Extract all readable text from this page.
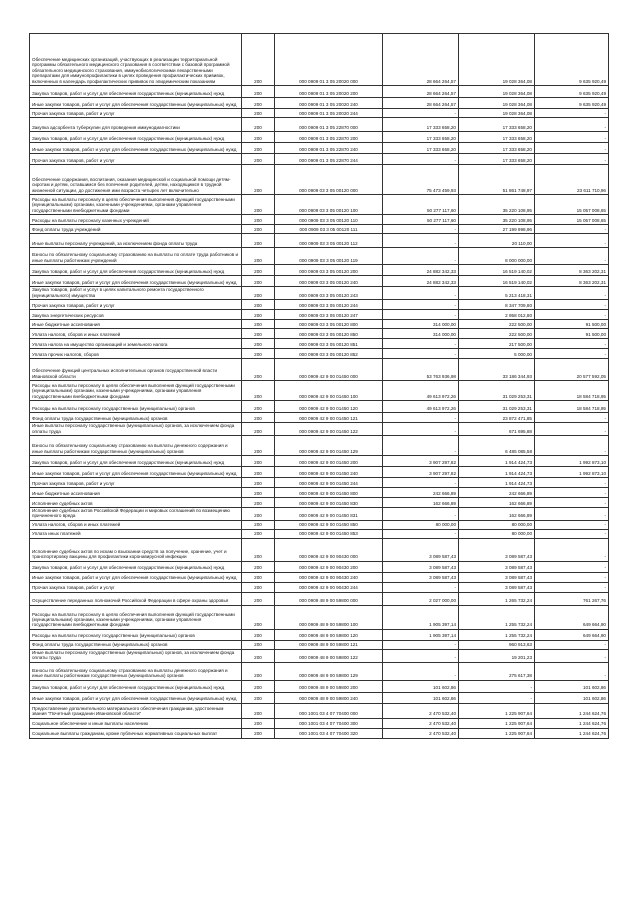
Обеспечение медицинских организаций, участвующих в реализации территориальной программы обязательного медицинского страхования в соответствии с базовой программой обязательного медицинского страхования, иммунобиологическими лекарственными препаратами для иммунопрофилактики в целях проведения профилактических прививок, включенных в календарь профилактических прививок по эпидемическим показаниям	200	000 0909 01 3 05 20020 000	28 664 264,57	19 028 364,08	9 635 920,49
Закупка товаров, работ и услуг для обеспечения государственных (муниципальных) нужд	200	000 0909 01 3 05 20020 200	28 664 264,57	19 028 364,08	9 635 920,49
Иные закупки товаров, работ и услуг для обеспечения государственных (муниципальных) нужд	200	000 0909 01 3 05 20020 240	28 664 264,57	19 028 364,08	9 635 920,49
Прочая закупка товаров, работ и услуг	200	000 0909 01 3 05 20020 244	-	19 028 364,08	-
Закупка адсорбента туберкулин для проведения иммунодиагностики	200	000 0909 01 3 05 22870 000	17 333 658,20	17 333 658,20	-
Закупка товаров, работ и услуг для обеспечения государственных (муниципальных) нужд	200	000 0909 01 3 05 22870 200	17 333 658,20	17 333 658,20	-
Иные закупки товаров, работ и услуг для обеспечения государственных (муниципальных) нужд	200	000 0909 01 3 05 22870 240	17 333 658,20	17 333 658,20	-
Прочая закупка товаров, работ и услуг	200	000 0909 01 3 05 22870 244	-	17 333 658,20	-
Обеспечение содержания, воспитания, оказания медицинской и социальной помощи детям-сиротам и детям, оставшимся без попечения родителей, детям, находящимся в трудной жизненной ситуации, до достижения ими возраста четырех лет включительно	200	000 0909 03 3 05 00120 000	75 473 459,93	51 861 748,97	23 611 710,96
Расходы на выплаты персоналу в целях обеспечения выполнения функций государственными (муниципальными) органами, казенными учреждениями, органами управления государственными внебюджетными фондами	200	000 0909 03 3 05 00120 100	50 277 117,60	35 220 108,95	15 057 008,65
Расходы на выплаты персоналу казенных учреждений	200	000 0909 03 3 05 00120 110	50 277 117,60	35 220 108,95	15 057 008,65
Фонд оплаты труда учреждений	200	000 0909 03 3 05 00120 111	-	27 199 998,96	-
Иные выплаты персоналу учреждений, за исключением фонда оплаты труда	200	000 0909 03 3 05 00120 112	-	20 110,00	-
Взносы по обязательному социальному страхованию на выплаты по оплате труда работников и иные выплаты работникам учреждений	200	000 0909 03 3 05 00120 119	-	8 000 000,00	-
Закупка товаров, работ и услуг для обеспечения государственных (муниципальных) нужд	200	000 0909 03 3 05 00120 200	24 882 342,33	16 519 140,02	8 363 202,31
Иные закупки товаров, работ и услуг для обеспечения государственных (муниципальных) нужд	200	000 0909 03 3 05 00120 240	24 882 342,33	16 519 140,02	8 363 202,31
Закупка товаров, работ и услуг в целях капитального ремонта государственного (муниципального) имущества	200	000 0909 03 3 05 00120 243	-	5 213 418,31	-
Прочая закупка товаров, работ и услуг	200	000 0909 03 3 05 00120 244	-	8 347 709,80	-
Закупка энергетических ресурсов	200	000 0909 03 3 05 00120 247	-	2 958 012,80	-
Иные бюджетные ассигнования	200	000 0909 03 3 05 00120 800	314 000,00	222 500,00	91 500,00
Уплата налогов, сборов и иных платежей	200	000 0909 03 3 05 00120 850	314 000,00	222 500,00	91 500,00
Уплата налога на имущество организаций и земельного налога	200	000 0909 03 3 05 00120 851	-	217 500,00	-
Уплата прочих налогов, сборов	200	000 0909 03 3 05 00120 852	-	5 000,00	-
Обеспечение функций центральных исполнительных органов государственной власти Ивановской области	200	000 0909 42 9 00 01450 000	53 763 936,98	33 186 344,93	20 577 592,05
Расходы на выплаты персоналу в целях обеспечения выполнения функций государственными (муниципальными) органами, казенными учреждениями, органами управления государственными внебюджетными фондами	200	000 0909 42 9 00 01450 100	49 613 972,26	31 029 253,31	18 584 718,95
Расходы на выплаты персоналу государственных (муниципальных) органов	200	000 0909 42 9 00 01450 120	49 613 972,26	31 029 253,31	18 584 718,95
Фонд оплаты труда государственных (муниципальных) органов	200	000 0909 42 9 00 01450 121	-	23 872 471,85	-
Иные выплаты персоналу государственных (муниципальных) органов, за исключением фонда оплаты труда	200	000 0909 42 9 00 01450 122	-	671 695,88	-
Взносы по обязательному социальному страхованию на выплаты денежного содержания и иные выплаты работникам государственных (муниципальных) органов	200	000 0909 42 9 00 01450 129	-	6 485 085,58	-
Закупка товаров, работ и услуг для обеспечения государственных (муниципальных) нужд	200	000 0909 42 9 00 01450 200	3 907 297,82	1 914 424,73	1 992 873,10
Иные закупки товаров, работ и услуг для обеспечения государственных (муниципальных) нужд	200	000 0909 42 9 00 01450 240	3 907 297,82	1 914 424,73	1 992 873,10
Прочая закупка товаров, работ и услуг	200	000 0909 42 9 00 01450 244	-	1 914 424,73	-
Иные бюджетные ассигнования	200	000 0909 42 9 00 01450 800	242 666,89	242 666,89	-
Исполнение судебных актов	200	000 0909 42 9 00 01450 830	162 666,89	162 666,89	-
Исполнение судебных актов Российской Федерации и мировых соглашений по возмещению причиненного вреда	200	000 0909 42 9 00 01450 831	-	162 666,89	-
Уплата налогов, сборов и иных платежей	200	000 0909 42 9 00 01450 850	80 000,00	80 000,00	-
Уплата иных платежей	200	000 0909 42 9 00 01450 853	-	80 000,00	-
Исполнение судебных актов по искам о взыскании средств за получение, хранение, учет и транспортировку вакцины для профилактики коронавирусной инфекции	200	000 0909 42 9 00 90430 000	3 089 587,43	3 089 587,43	-
Закупка товаров, работ и услуг для обеспечения государственных (муниципальных) нужд	200	000 0909 42 9 00 90430 200	3 089 587,43	3 089 587,43	-
Иные закупки товаров, работ и услуг для обеспечения государственных (муниципальных) нужд	200	000 0909 42 9 00 90430 240	3 089 587,43	3 089 587,43	-
Прочая закупка товаров, работ и услуг	200	000 0909 42 9 00 90430 244	-	3 089 587,43	-
Осуществление переданных полномочий Российской Федерации в сфере охраны здоровья	200	000 0909 48 9 00 59800 000	2 027 000,00	1 265 732,24	761 267,76
Расходы на выплаты персоналу в целях обеспечения выполнения функций государственными (муниципальными) органами, казенными учреждениями, органами управления государственными внебюджетными фондами	200	000 0909 48 9 00 59800 100	1 905 397,14	1 255 732,24	649 664,90
Расходы на выплаты персоналу государственных (муниципальных) органов	200	000 0909 48 9 00 59800 120	1 905 397,14	1 255 732,24	649 664,90
Фонд оплаты труда государственных (муниципальных) органов	200	000 0909 48 9 00 59800 121	-	960 913,63	-
Иные выплаты персоналу государственных (муниципальных) органов, за исключением фонда оплаты труда	200	000 0909 48 9 00 59800 122	-	19 201,23	-
Взносы по обязательному социальному страхованию на выплаты денежного содержания и иные выплаты работникам государственных (муниципальных) органов	200	000 0909 48 9 00 59800 129	-	275 617,38	-
Закупка товаров, работ и услуг для обеспечения государственных (муниципальных) нужд	200	000 0909 48 9 00 59800 200	101 602,86	-	101 602,86
Иные закупки товаров, работ и услуг для обеспечения государственных (муниципальных) нужд	200	000 0909 48 9 00 59800 240	101 602,86	-	101 602,86
Предоставление дополнительного материального обеспечения гражданам, удостоенным звания "Почетный гражданин Ивановской области"	200	000 1001 03 4 07 70400 000	2 470 532,40	1 225 907,64	1 244 624,76
Социальное обеспечение и иные выплаты населению	200	000 1001 03 4 07 70400 300	2 470 532,40	1 225 907,64	1 244 624,76
Социальные выплаты гражданам, кроме публичных нормативных социальных выплат	200	000 1001 03 4 07 70400 320	2 470 532,40	1 225 907,64	1 244 624,76
